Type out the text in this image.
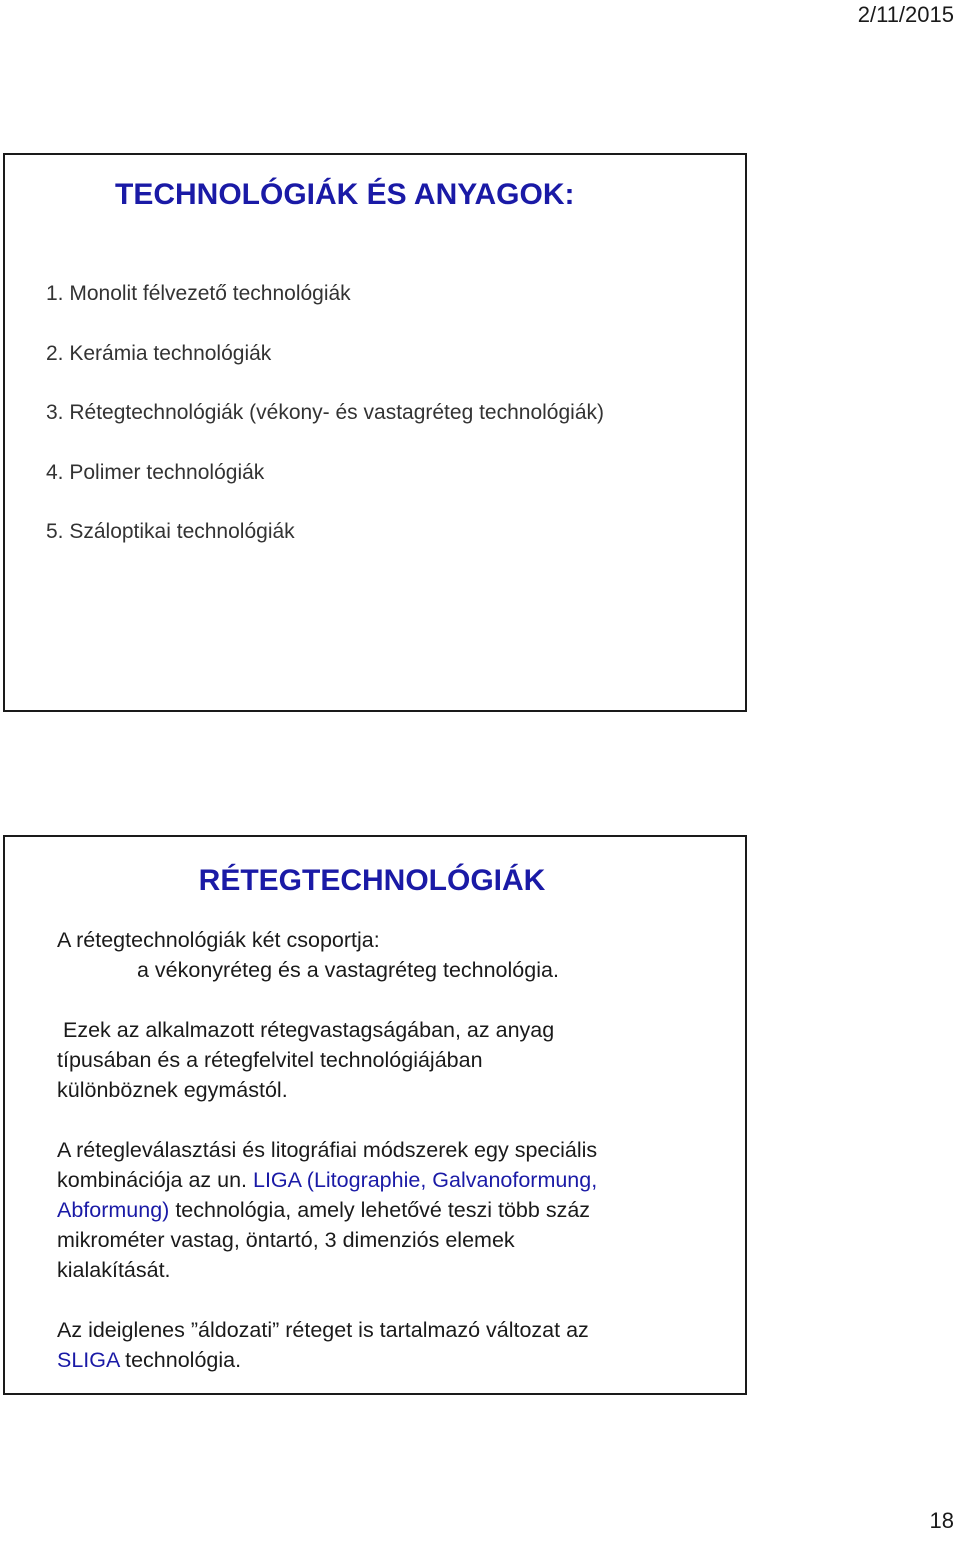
2/11/2015
TECHNOLÓGIÁK ÉS ANYAGOK:
1. Monolit félvezető technológiák
2. Kerámia technológiák
3. Rétegtechnológiák (vékony- és vastagréteg technológiák)
4. Polimer technológiák
5. Száloptikai technológiák
RÉTEGTECHNOLÓGIÁK

A rétegtechnológiák két csoportja:

a vékonyréteg és a vastagréteg technológia.

Ezek az alkalmazott rétegvastagságában, az anyag

típusában és a rétegfelvitel technológiájában

különböznek egymástól.

A rétegleválasztási és litográfiai módszerek egy speciális

kombinációja az un. LIGA (Litographie, Galvanoformung,

Abformung) technológia, amely lehetővé teszi több száz

mikrométer vastag, öntartó, 3 dimenziós elemek

kialakítását.

Az ideiglenes ”áldozati” réteget is tartalmazó változat az

SLIGA technológia.

18
